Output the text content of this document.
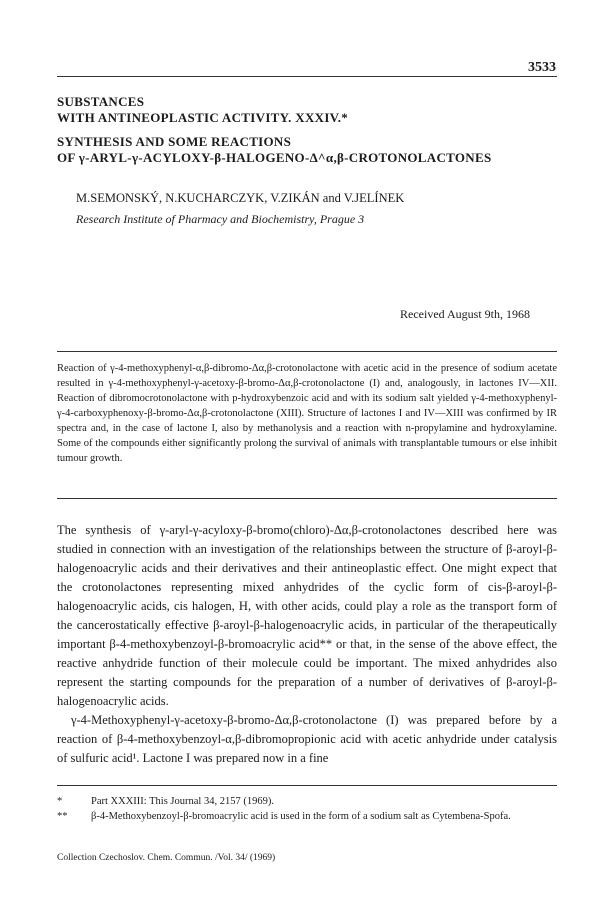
3533
SUBSTANCES
WITH ANTINEOPLASTIC ACTIVITY. XXXIV.*
SYNTHESIS AND SOME REACTIONS
OF γ-ARYL-γ-ACYLOXY-β-HALOGENO-Δ^α,β-CROTONOLACTONES
M.SEMONSKÝ, N.KUCHARCZYK, V.ZIKÁN and V.JELÍNEK
Research Institute of Pharmacy and Biochemistry, Prague 3
Received August 9th, 1968
Reaction of γ-4-methoxyphenyl-α,β-dibromo-Δα,β-crotonolactone with acetic acid in the presence of sodium acetate resulted in γ-4-methoxyphenyl-γ-acetoxy-β-bromo-Δα,β-crotonolactone (I) and, analogously, in lactones IV—XII. Reaction of dibromocrotonolactone with p-hydroxybenzoic acid and with its sodium salt yielded γ-4-methoxyphenyl-γ-4-carboxyphenoxy-β-bromo-Δα,β-crotonolactone (XIII). Structure of lactones I and IV—XIII was confirmed by IR spectra and, in the case of lactone I, also by methanolysis and a reaction with n-propylamine and hydroxylamine. Some of the compounds either significantly prolong the survival of animals with transplantable tumours or else inhibit tumour growth.

The synthesis of γ-aryl-γ-acyloxy-β-bromo(chloro)-Δα,β-crotonolactones described here was studied in connection with an investigation of the relationships between the structure of β-aroyl-β-halogenoacrylic acids and their derivatives and their antineoplastic effect. One might expect that the crotonolactones representing mixed anhydrides of the cyclic form of cis-β-aroyl-β-halogenoacrylic acids, cis halogen, H, with other acids, could play a role as the transport form of the cancerostatically effective β-aroyl-β-halogenoacrylic acids, in particular of the therapeutically important β-4-methoxybenzoyl-β-bromoacrylic acid** or that, in the sense of the above effect, the reactive anhydride function of their molecule could be important. The mixed anhydrides also represent the starting compounds for the preparation of a number of derivatives of β-aroyl-β-halogenoacrylic acids.

γ-4-Methoxyphenyl-γ-acetoxy-β-bromo-Δα,β-crotonolactone (I) was prepared before by a reaction of β-4-methoxybenzoyl-α,β-dibromopropionic acid with acetic anhydride under catalysis of sulfuric acid¹. Lactone I was prepared now in a fine

*	Part XXXIII: This Journal 34, 2157 (1969).
** β-4-Methoxybenzoyl-β-bromoacrylic acid is used in the form of a sodium salt as Cytembena-Spofa.
Collection Czechoslov. Chem. Commun. /Vol. 34/ (1969)
